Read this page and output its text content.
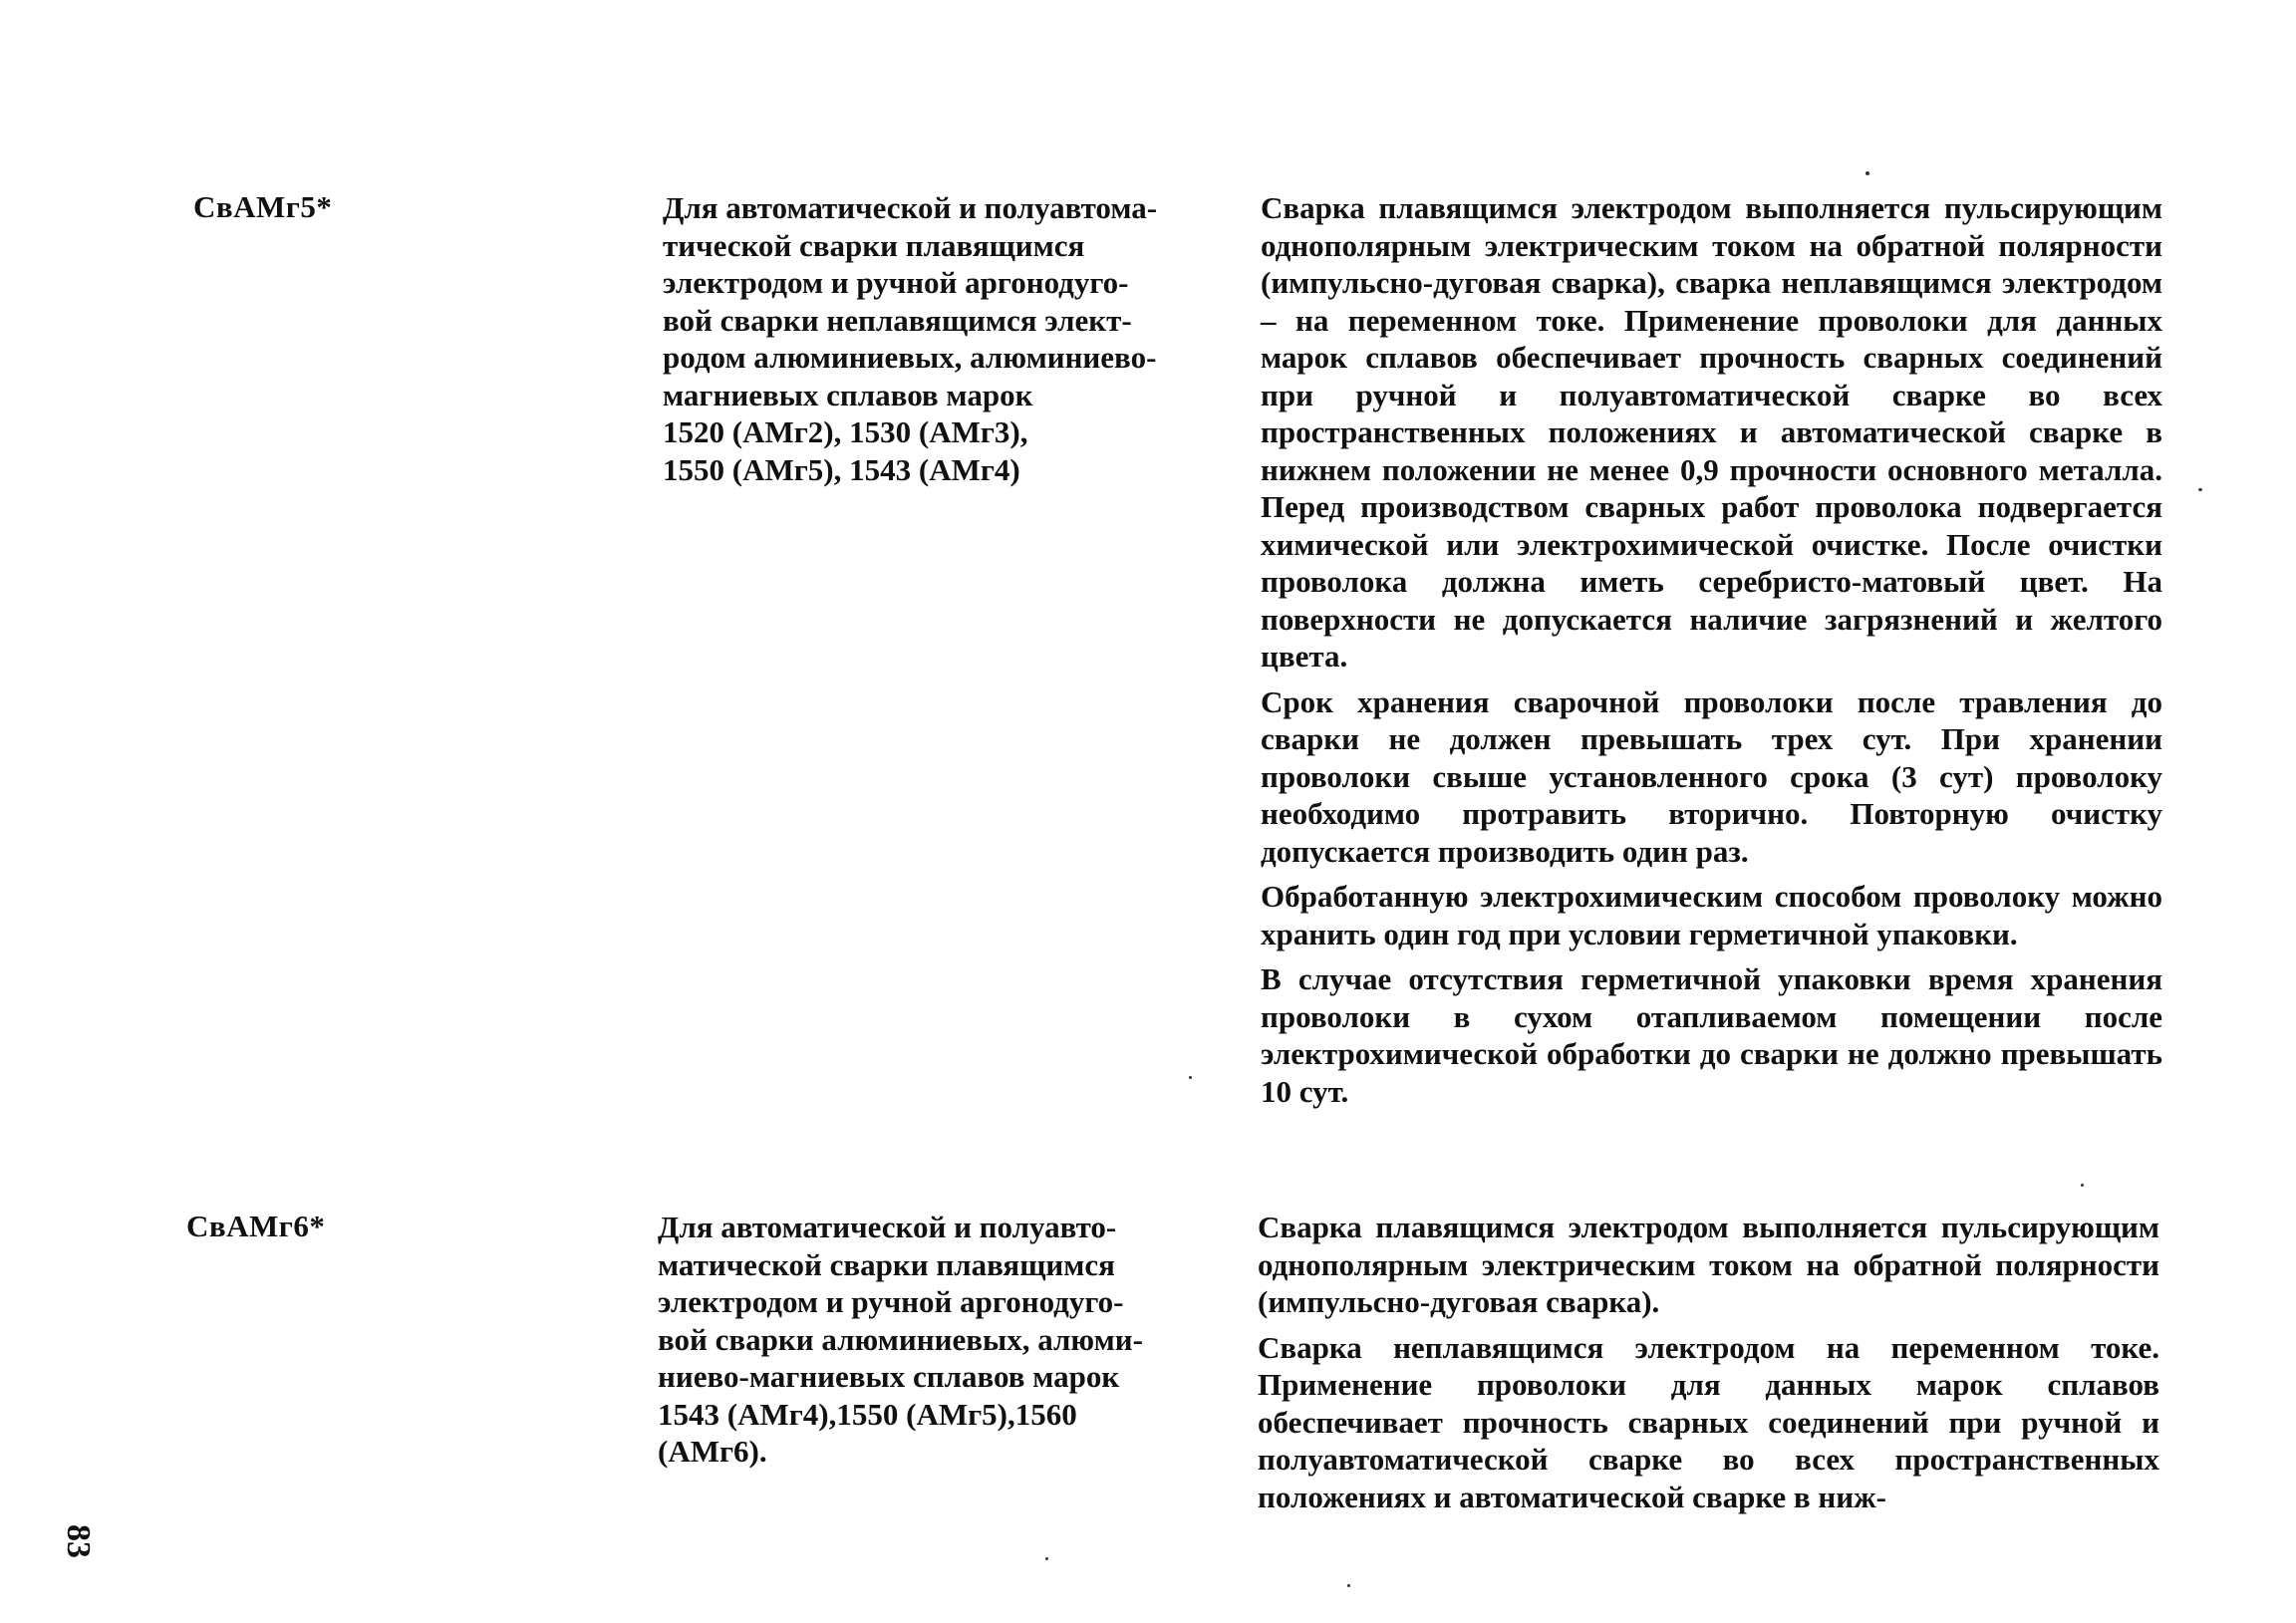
СвАМг5*	Для автоматической и полуавтома-
тической сварки плавящимся
электродом и ручной аргонодуго-
вой сварки неплавящимся элект-
родом алюминиевых, алюминиево-
магниевых сплавов марок
1520 (АМг2), 1530 (АМг3),
1550 (АМг5), 1543 (АМг4)

Сварка плавящимся электродом выполняется пульсирующим однополярным электрическим током на обратной полярности (импульсно-дуговая сварка), сварка неплавящимся электродом – на переменном токе. Применение проволоки для данных марок сплавов обеспечивает прочность сварных соединений при ручной и полуавтоматической сварке во всех пространственных положениях и автоматической сварке в нижнем положении не менее 0,9 прочности основного металла. Перед производством сварных работ проволока подвергается химической или электрохимической очистке. После очистки проволока должна иметь серебристо-матовый цвет. На поверхности не допускается наличие загрязнений и желтого цвета.

Срок хранения сварочной проволоки после травления до сварки не должен превышать трех сут. При хранении проволоки свыше установленного срока (3 сут) проволоку необходимо протравить вторично. Повторную очистку допускается производить один раз.

Обработанную электрохимическим способом проволоку можно хранить один год при условии герметичной упаковки.

В случае отсутствия герметичной упаковки время хранения проволоки в сухом отапливаемом помещении после электрохимической обработки до сварки не должно превышать 10 сут.

СвАМг6*	Для автоматической и полуавто-
матической сварки плавящимся
электродом и ручной аргонодуго-
вой сварки алюминиевых, алюми-
ниево-магниевых сплавов марок
1543 (АМг4),1550 (АМг5),1560
(АМг6).

Сварка плавящимся электродом выполняется пульсирующим однополярным электрическим током на обратной полярности (импульсно-дуговая сварка).

Сварка неплавящимся электродом на переменном токе. Применение проволоки для данных марок сплавов обеспечивает прочность сварных соединений при ручной и полуавтоматической сварке во всех пространственных положениях и автоматической сварке в ниж-

83
